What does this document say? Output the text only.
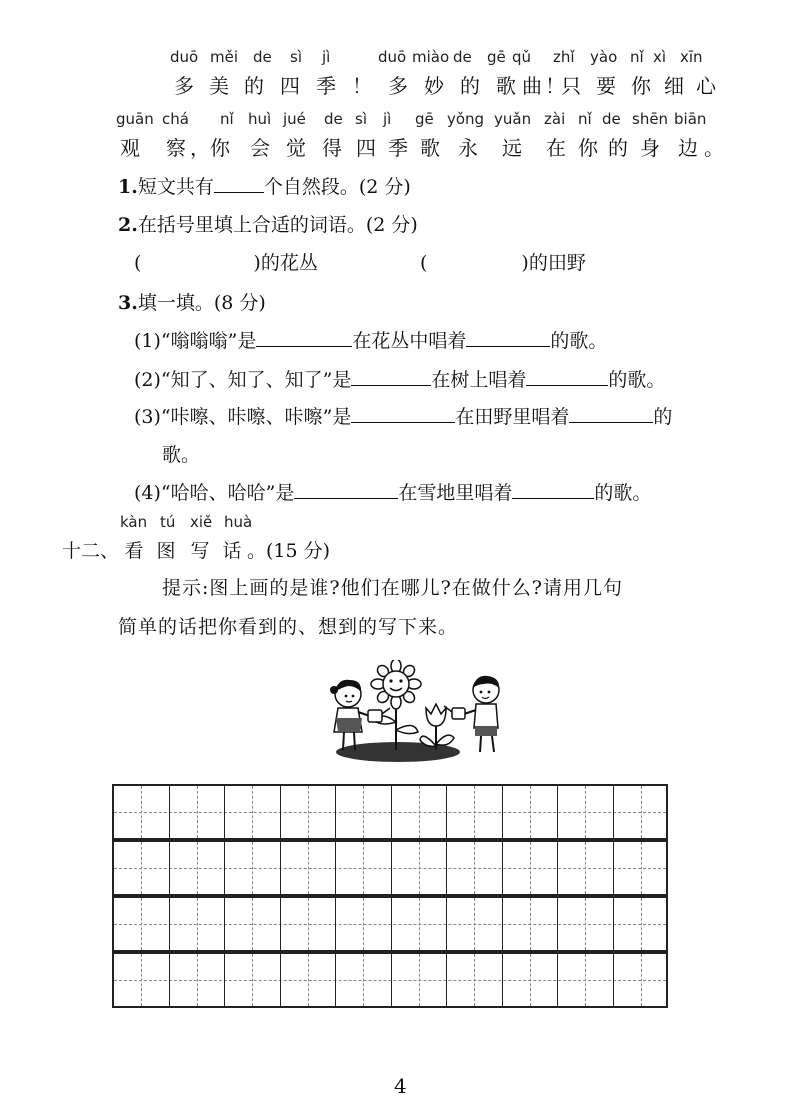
duō měi de sì jì	duō miào de gē qǔ zhǐ yào nǐ xì xīn
多 美 的 四 季 ！ 多 妙 的 歌 曲 ！
只 要 你 细 心
guān chá nǐ huì jué de sì jì gē yǒng yuǎn zài nǐ de shēn biān
观 察 ，你 会 觉 得 四 季 歌 永 远 在 你 的 身 边 。
1.短文共有	个自然段。(2 分)
2.在括号里填上合适的词语。(2 分)
(	)的花丛	(	)的田野
3.填一填。(8 分)
(1)“嗡嗡嗡”是	在花丛中唱着	的歌。
(2)“知了、知了、知了”是	在树上唱着	的歌。
(3)“咔嚓、咔嚓、咔嚓”是	在田野里唱着	的
歌。
(4)“哈哈、哈哈”是	在雪地里唱着	的歌。
kàn tú xiě huà
十二、 看 图 写 话 。(15 分)
提示:图上画的是谁?他们在哪儿?在做什么?请用几句
简单的话把你看到的、想到的写下来。
4
